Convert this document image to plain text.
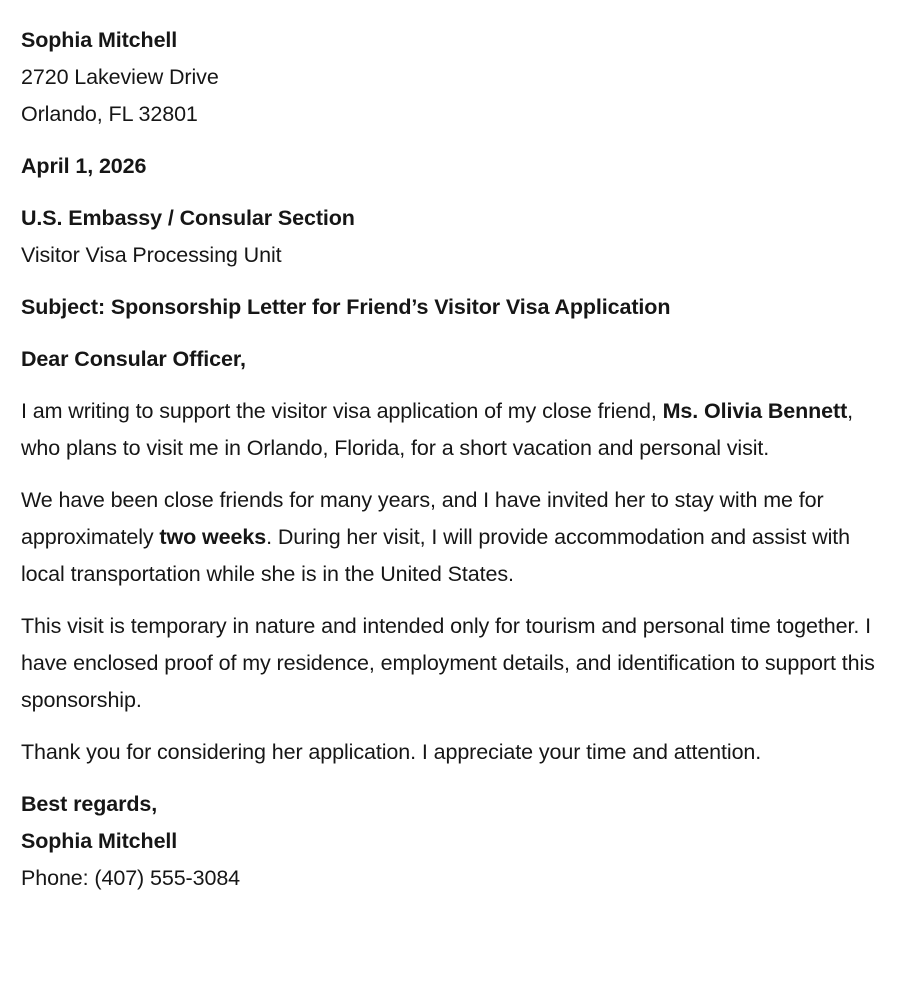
Sophia Mitchell
2720 Lakeview Drive
Orlando, FL 32801
April 1, 2026
U.S. Embassy / Consular Section
Visitor Visa Processing Unit
Subject: Sponsorship Letter for Friend’s Visitor Visa Application
Dear Consular Officer,

I am writing to support the visitor visa application of my close friend, Ms. Olivia Bennett, who plans to visit me in Orlando, Florida, for a short vacation and personal visit.

We have been close friends for many years, and I have invited her to stay with me for approximately two weeks. During her visit, I will provide accommodation and assist with local transportation while she is in the United States.

This visit is temporary in nature and intended only for tourism and personal time together. I have enclosed proof of my residence, employment details, and identification to support this sponsorship.

Thank you for considering her application. I appreciate your time and attention.

Best regards,
Sophia Mitchell
Phone: (407) 555-3084
